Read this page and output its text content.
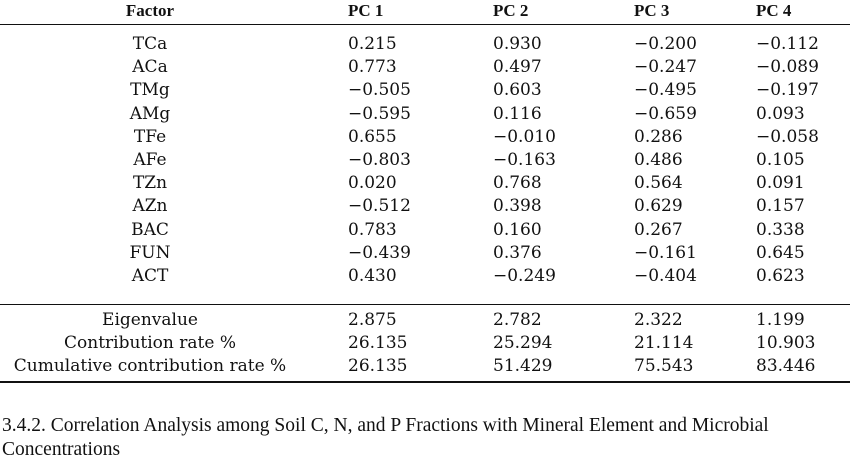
Factor	PC 1	PC 2	PC 3	PC 4
TCa	0.215	0.930	−0.200	−0.112
ACa	0.773	0.497	−0.247	−0.089
TMg	−0.505	0.603	−0.495	−0.197
AMg	−0.595	0.116	−0.659	0.093
TFe	0.655	−0.010	0.286	−0.058
AFe	−0.803	−0.163	0.486	0.105
TZn	0.020	0.768	0.564	0.091
AZn	−0.512	0.398	0.629	0.157
BAC	0.783	0.160	0.267	0.338
FUN	−0.439	0.376	−0.161	0.645
ACT	0.430	−0.249	−0.404	0.623
Eigenvalue	2.875	2.782	2.322	1.199
Contribution rate %	26.135	25.294	21.114	10.903
Cumulative contribution rate %	26.135	51.429	75.543	83.446
3.4.2. Correlation Analysis among Soil C, N, and P Fractions with Mineral Element and Microbial Concentrations
